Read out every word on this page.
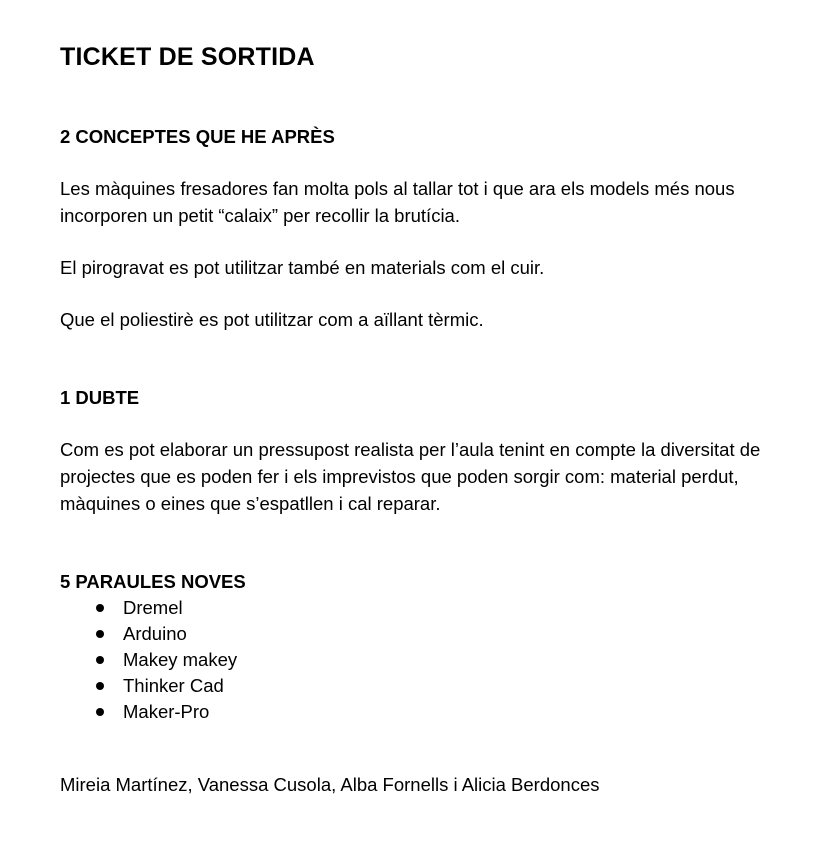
TICKET DE SORTIDA
2 CONCEPTES QUE HE APRÈS

Les màquines fresadores fan molta pols al tallar tot i que ara els models més nous incorporen un petit “calaix” per recollir la brutícia.

El pirogravat es pot utilitzar també en materials com el cuir.

Que el poliestirè es pot utilitzar com a aïllant tèrmic.

1 DUBTE

Com es pot elaborar un pressupost realista per l’aula tenint en compte la diversitat de projectes que es poden fer i els imprevistos que poden sorgir com: material perdut, màquines o eines que s’espatllen i cal reparar.

5 PARAULES NOVES
Dremel
Arduino
Makey makey
Thinker Cad
Maker-Pro

Mireia Martínez, Vanessa Cusola, Alba Fornells i Alicia Berdonces
